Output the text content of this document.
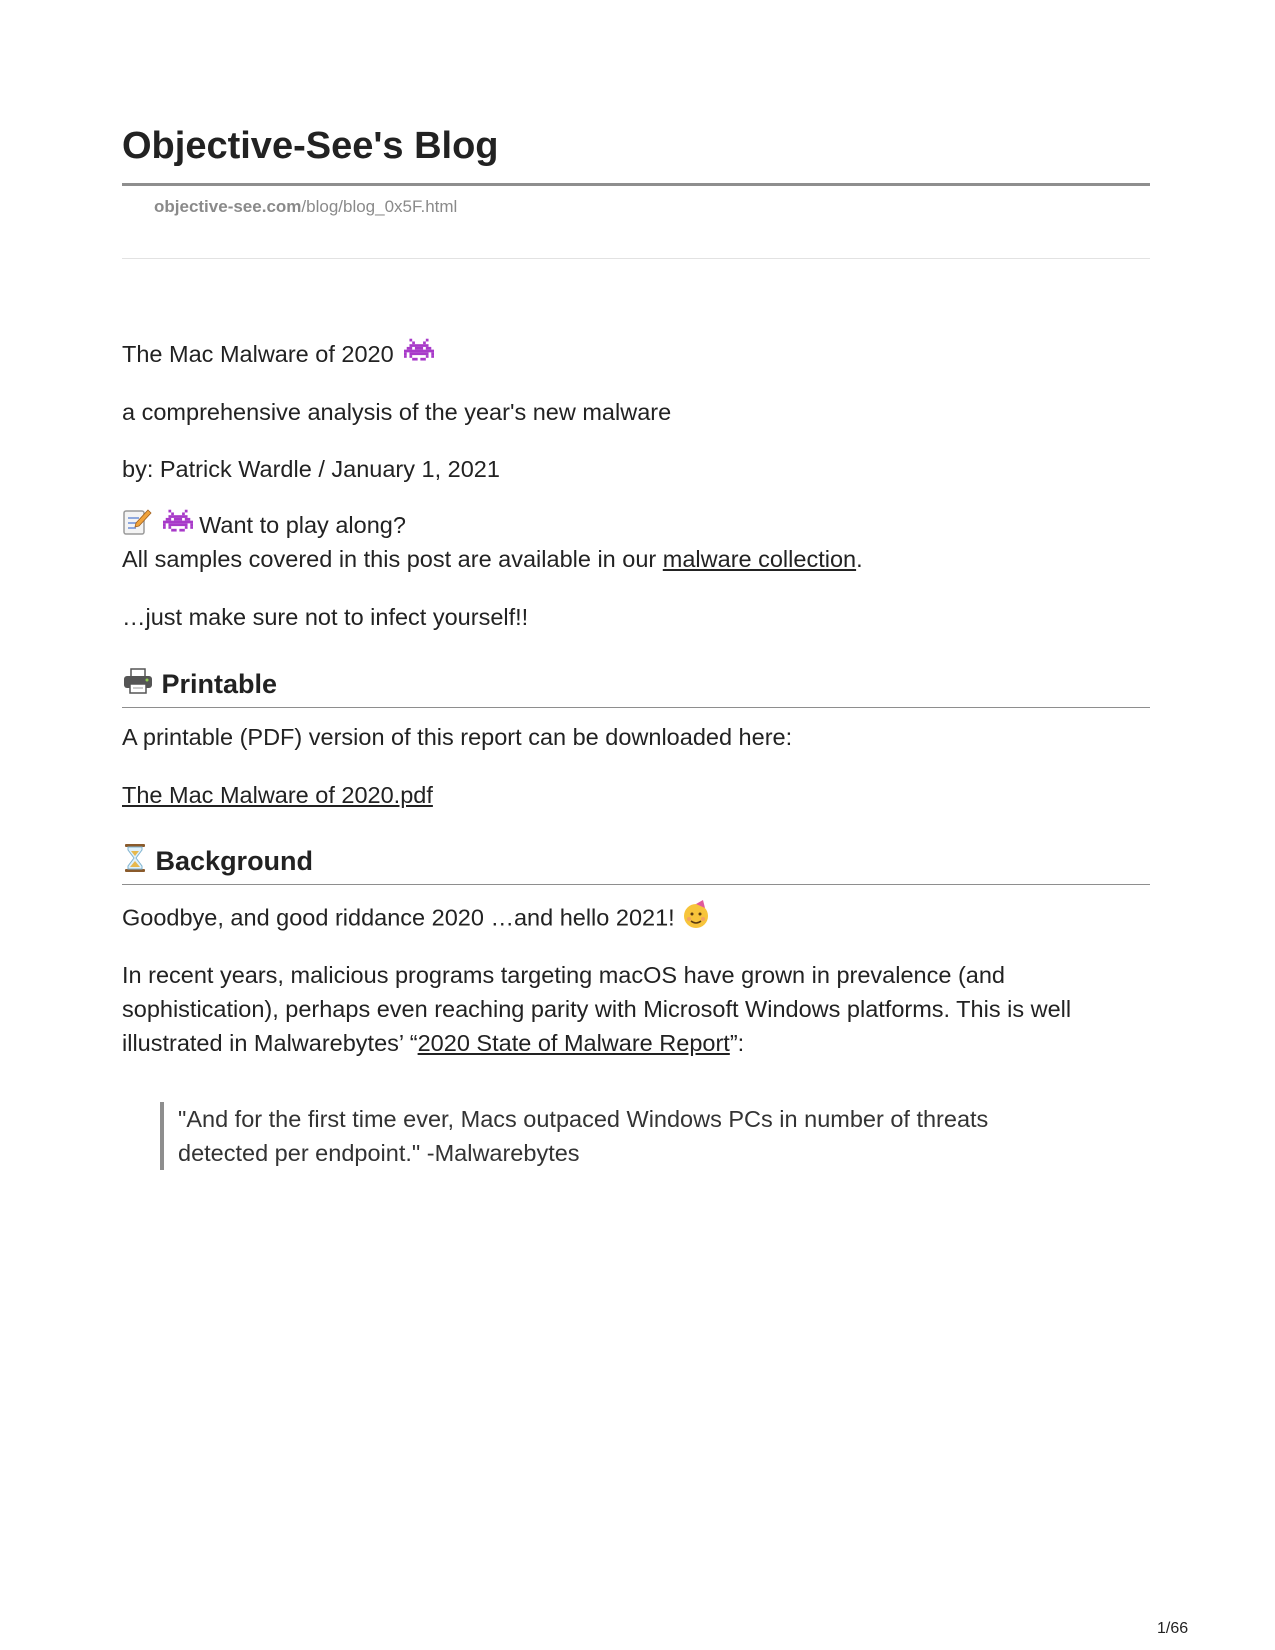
Objective-See's Blog
objective-see.com/blog/blog_0x5F.html

The Mac Malware of 2020

a comprehensive analysis of the year's new malware

by: Patrick Wardle / January 1, 2021

Want to play along?

All samples covered in this post are available in our malware collection.

…just make sure not to infect yourself!!

Printable

A printable (PDF) version of this report can be downloaded here:

The Mac Malware of 2020.pdf

Background

Goodbye, and good riddance 2020 …and hello 2021!

In recent years, malicious programs targeting macOS have grown in prevalence (and

sophistication), perhaps even reaching parity with Microsoft Windows platforms. This is well

illustrated in Malwarebytes’ “2020 State of Malware Report”:

"And for the first time ever, Macs outpaced Windows PCs in number of threats

detected per endpoint." -Malwarebytes

1/66
